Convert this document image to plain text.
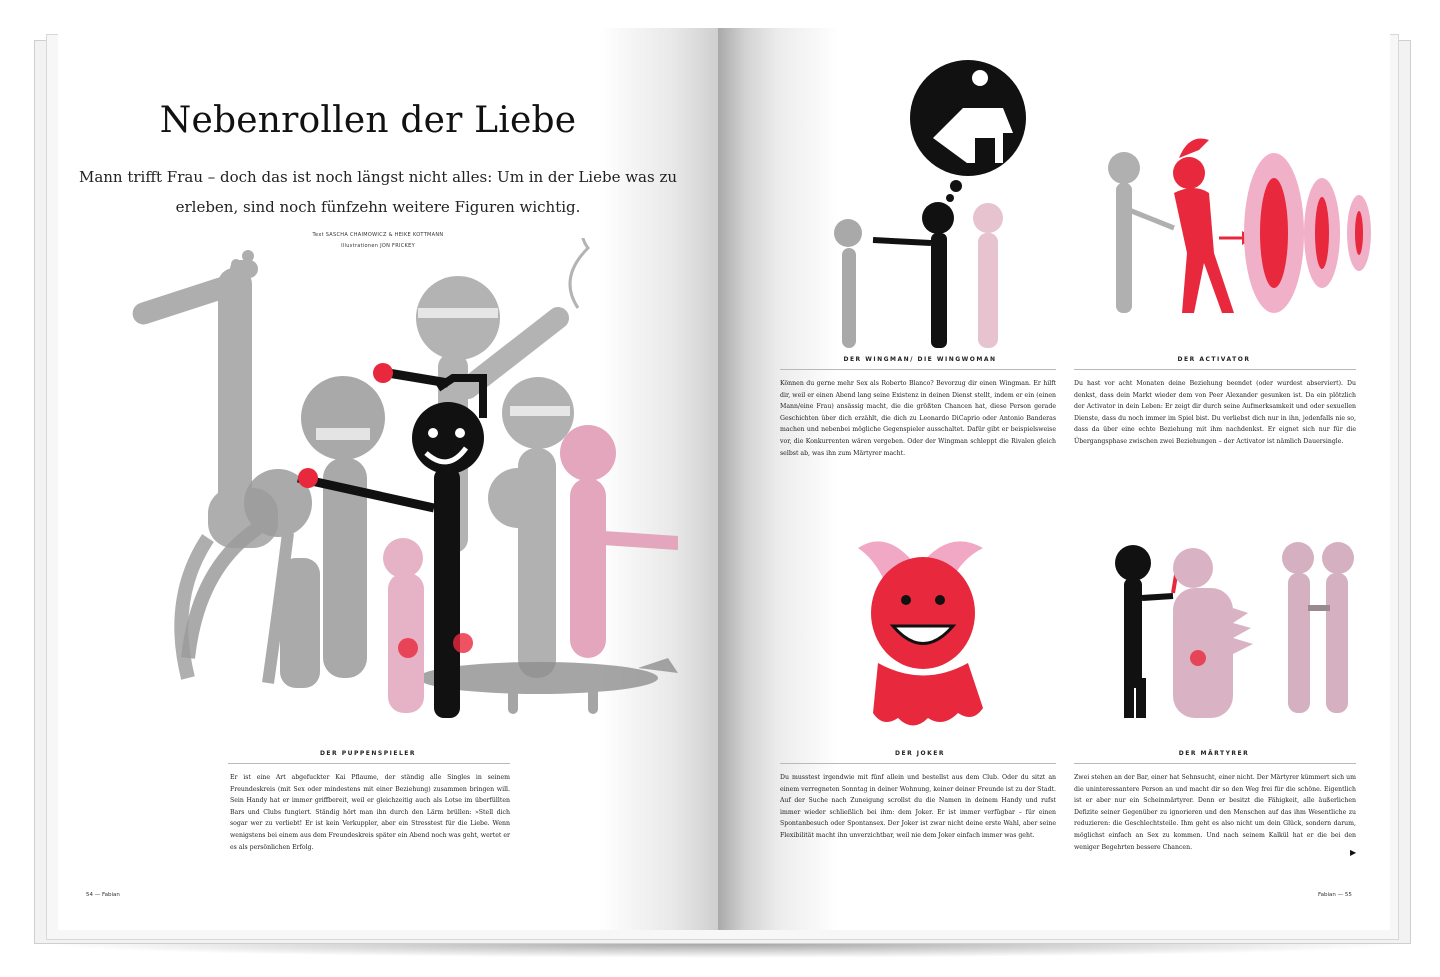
Nebenrollen der Liebe
Mann trifft Frau – doch das ist noch längst nicht alles: Um in der Liebe was zu
erleben, sind noch fünfzehn weitere Figuren wichtig.
Text SASCHA CHAIMOWICZ & HEIKE KOTTMANN
Illustrationen JON FRICKEY
DER PUPPENSPIELER
Er ist eine Art abgefuckter Kai Pflaume, der ständig alle Singles in seinem Freundeskreis (mit Sex oder mindestens mit einer Beziehung) zusammen bringen will. Sein Handy hat er immer griffbereit, weil er gleichzeitig auch als Lotse im überfüllten Bars und Clubs fungiert. Ständig hört man ihn durch den Lärm brüllen: »Stell dich sogar wer zu verliebt! Er ist kein Verkuppler, aber ein Stresstest für die Liebe. Wenn wenigstens bei einem aus dem Freundeskreis später ein Abend noch was geht, wertet er es als persönlichen Erfolg.
54 — Fabian
DER WINGMAN/ DIE WINGWOMAN
Können du gerne mehr Sex als Roberto Blanco? Bevorzug dir einen Wingman. Er hilft dir, weil er einen Abend lang seine Existenz in deinen Dienst stellt, indem er ein (einen Mann/eine Frau) ansässig macht, die die größten Chancen hat, diese Person gerade Geschichten über dich erzählt, die dich zu Leonardo DiCaprio oder Antonio Banderas machen und nebenbei mögliche Gegenspieler ausschaltet. Dafür gibt er beispielsweise vor, die Konkurrenten wären vergeben. Oder der Wingman schleppt die Rivalen gleich selbst ab, was ihn zum Märtyrer macht.
DER ACTIVATOR
Du hast vor acht Monaten deine Beziehung beendet (oder wurdest abserviert). Du denkst, dass dein Markt wieder dem von Peer Alexander gesunken ist. Da ein plötzlich der Activator in dein Leben: Er zeigt dir durch seine Aufmerksamkeit und oder sexuellen Dienste, dass du noch immer im Spiel bist. Du verliebst dich nur in ihn, jedenfalls nie so, dass da über eine echte Beziehung mit ihm nachdenkst. Er eignet sich nur für die Übergangsphase zwischen zwei Beziehungen – der Activator ist nämlich Dauersingle.
DER JOKER
Du musstest irgendwie mit fünf allein und bestellst aus dem Club. Oder du sitzt an einem verregneten Sonntag in deiner Wohnung, keiner deiner Freunde ist zu der Stadt. Auf der Suche nach Zuneigung scrollst du die Namen in deinem Handy und rufst immer wieder schließlich bei ihm: dem Joker. Er ist immer verfügbar – für einen Spontanbesuch oder Spontansex. Der Joker ist zwar nicht deine erste Wahl, aber seine Flexibilität macht ihn unverzichtbar, weil nie dem Joker einfach immer was geht.
DER MÄRTYRER
Zwei stehen an der Bar, einer hat Sehnsucht, einer nicht. Der Märtyrer kümmert sich um die uninteressantere Person an und macht dir so den Weg frei für die schöne. Eigentlich ist er aber nur ein Scheinmärtyrer. Denn er besitzt die Fähigkeit, alle äußerlichen Defizite seiner Gegenüber zu ignorieren und den Menschen auf das ihm Wesentliche zu reduzieren: die Geschlechtsteile. Ihm geht es also nicht um dein Glück, sondern darum, möglichst einfach an Sex zu kommen. Und nach seinem Kalkül hat er die bei den weniger Begehrten bessere Chancen.
▶
Fabian — 55
